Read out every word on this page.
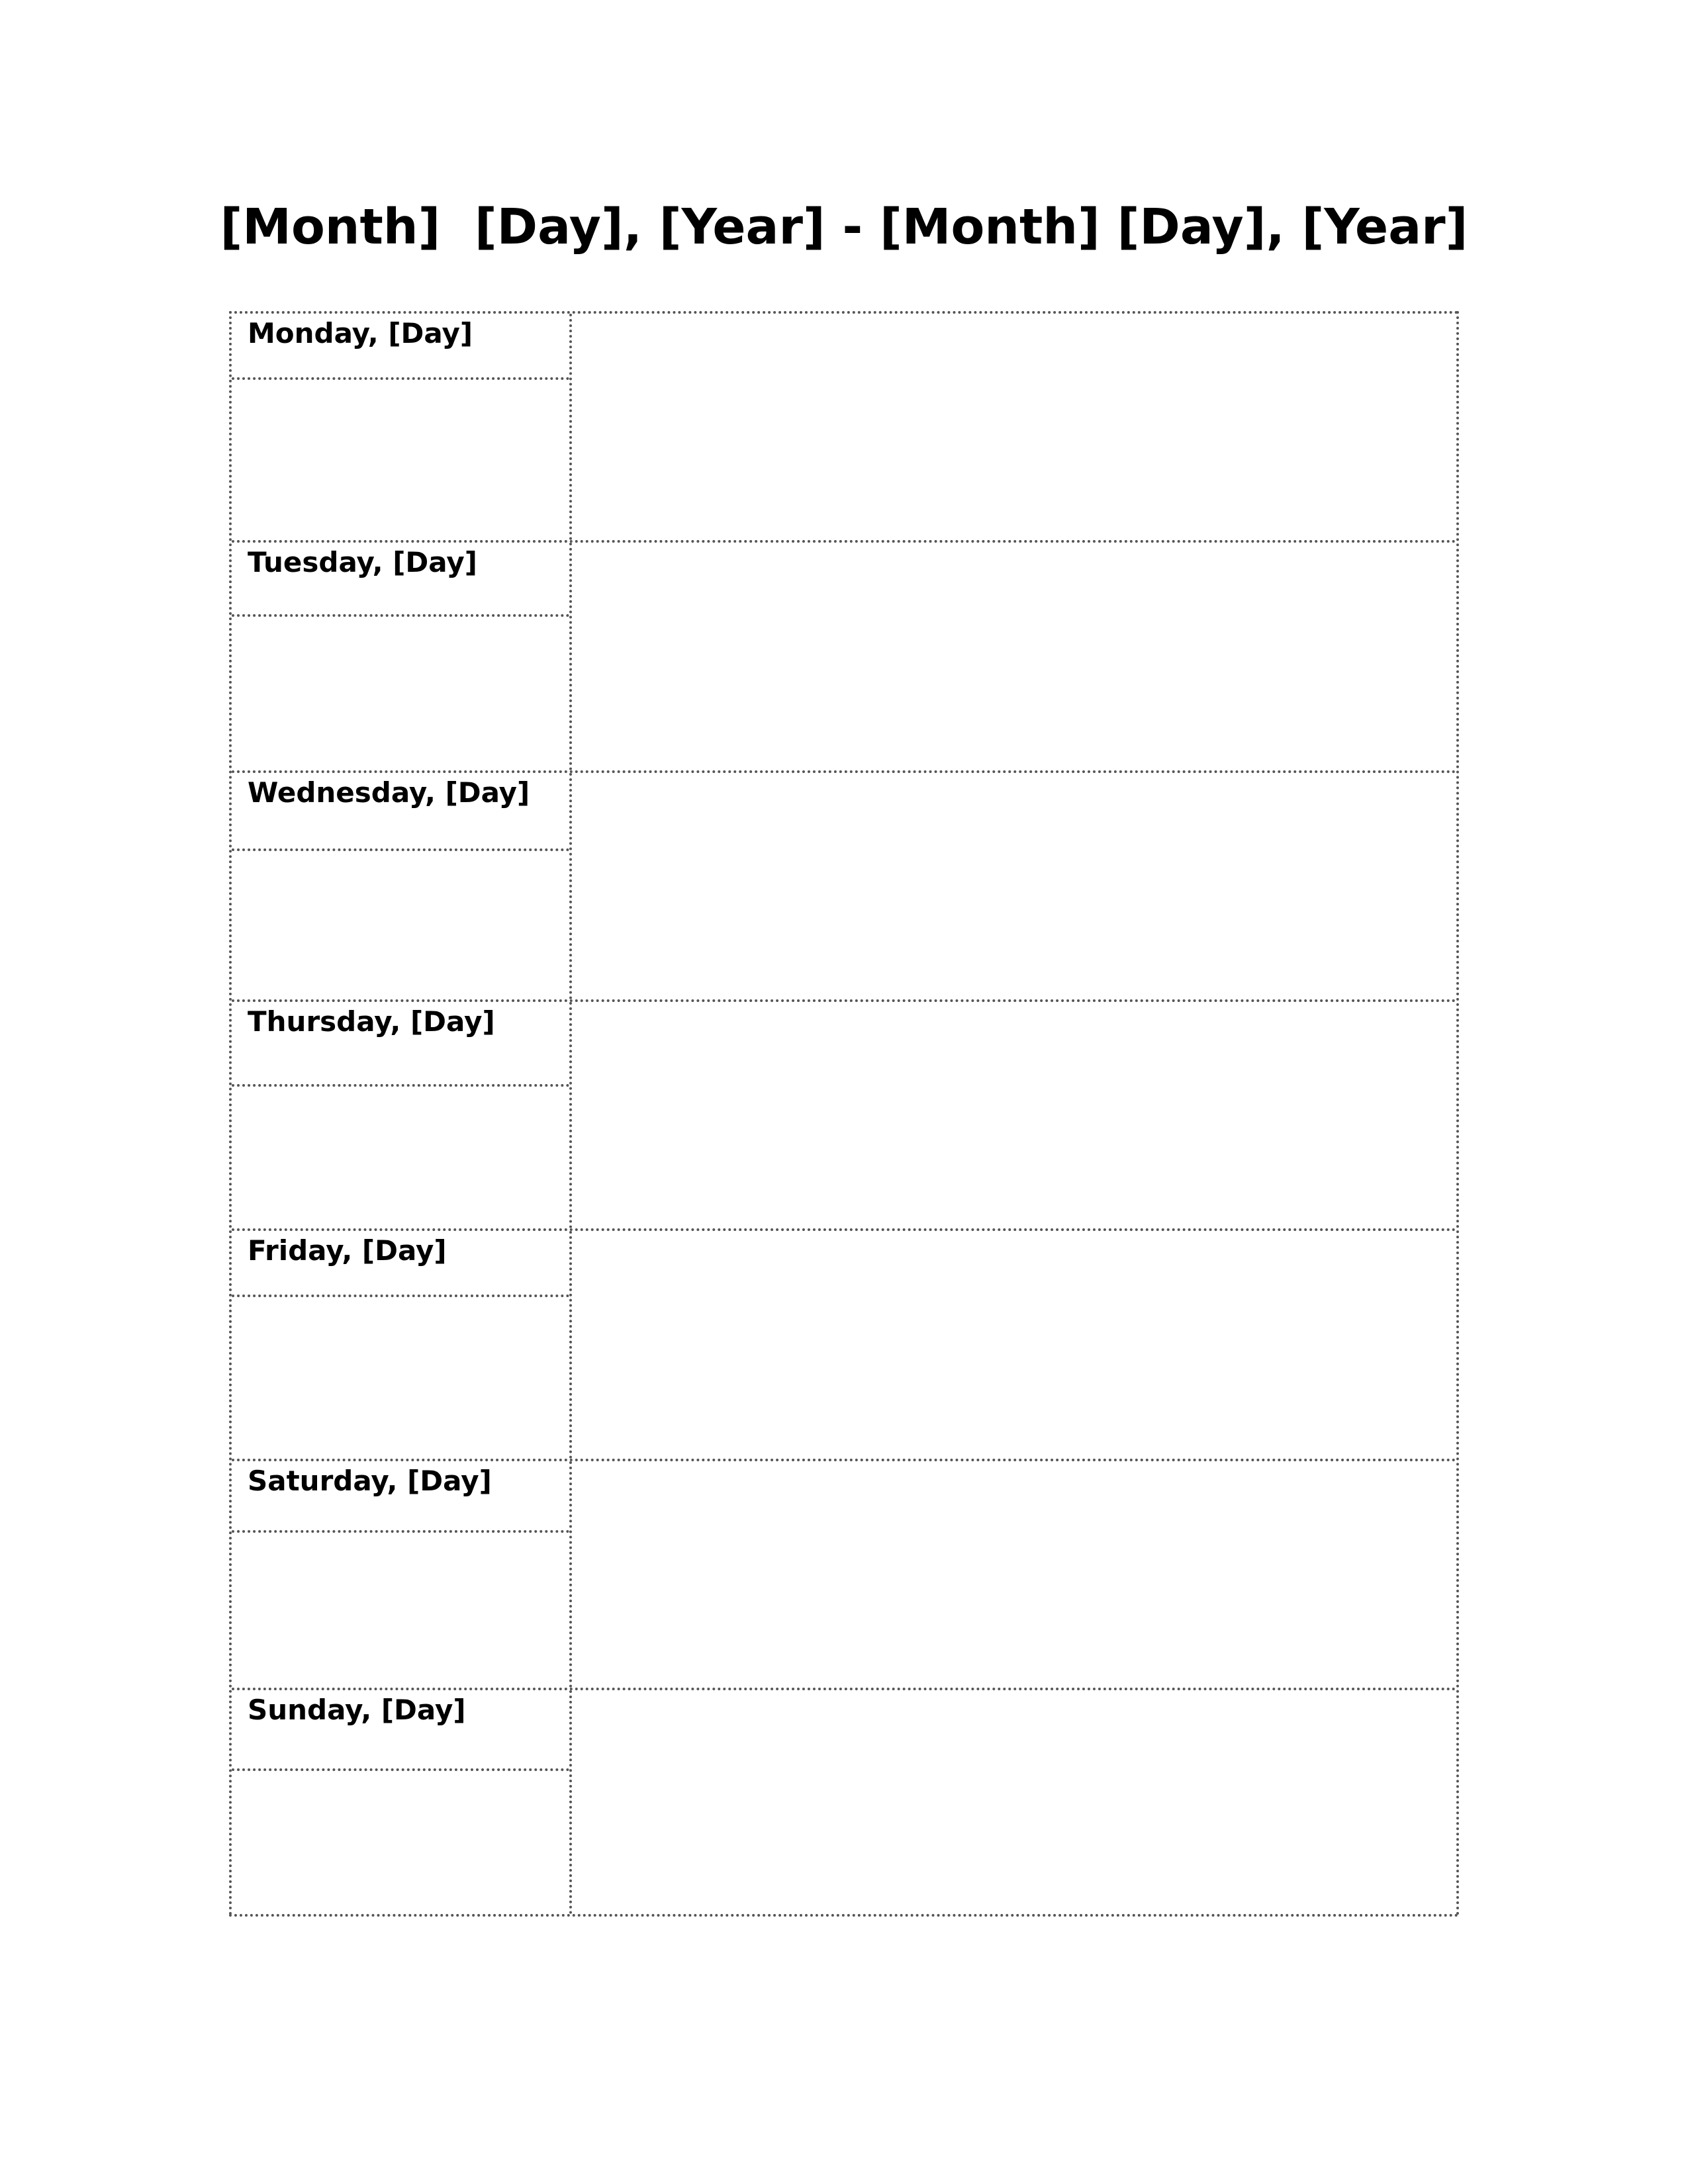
[Month]  [Day], [Year] - [Month] [Day], [Year]
Monday, [Day]
Tuesday, [Day]
Wednesday, [Day]
Thursday, [Day]
Friday, [Day]
Saturday, [Day]
Sunday, [Day]
